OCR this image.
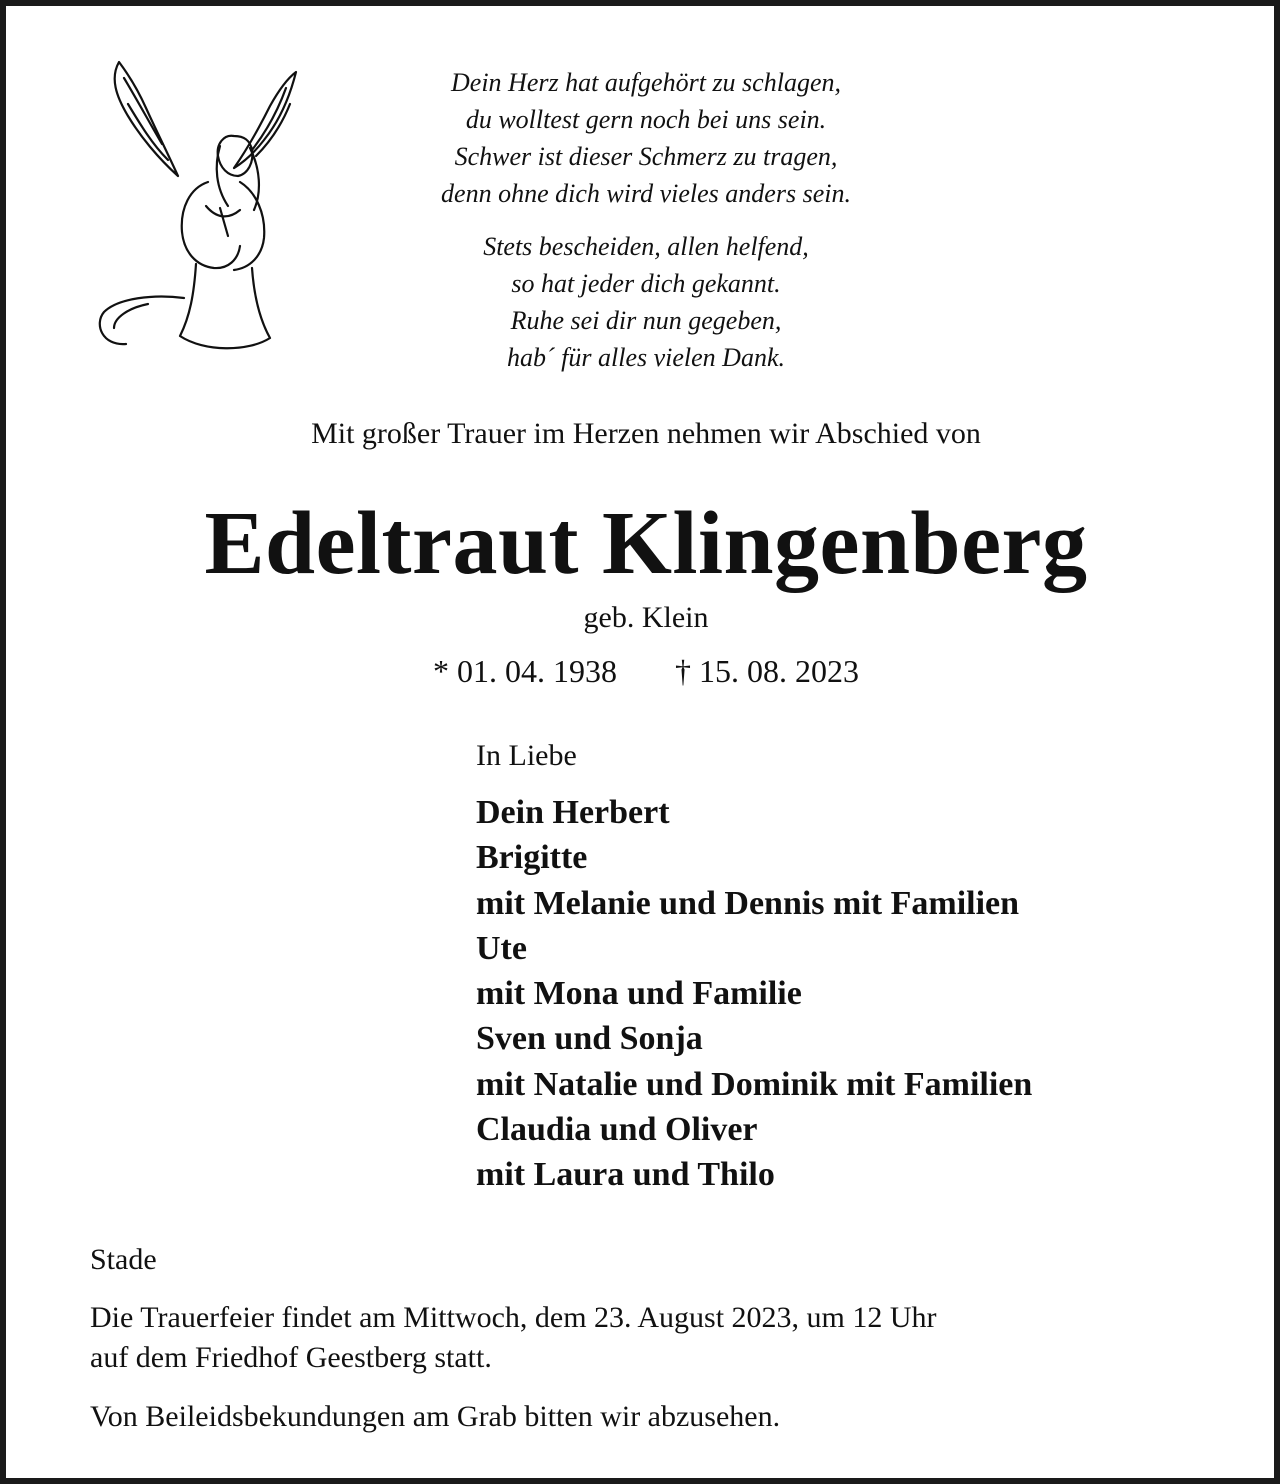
Dein Herz hat aufgehört zu schlagen,
du wolltest gern noch bei uns sein.
Schwer ist dieser Schmerz zu tragen,
denn ohne dich wird vieles anders sein.

Stets bescheiden, allen helfend,
so hat jeder dich gekannt.
Ruhe sei dir nun gegeben,
hab´ für alles vielen Dank.

Mit großer Trauer im Herzen nehmen wir Abschied von
Edeltraut Klingenberg
geb. Klein
* 01. 04. 1938 † 15. 08. 2023
In Liebe
Dein Herbert
Brigitte
mit Melanie und Dennis mit Familien
Ute
mit Mona und Familie
Sven und Sonja
mit Natalie und Dominik mit Familien
Claudia und Oliver
mit Laura und Thilo
Stade
Die Trauerfeier findet am Mittwoch, dem 23. August 2023, um 12 Uhr
auf dem Friedhof Geestberg statt.
Von Beileidsbekundungen am Grab bitten wir abzusehen.
